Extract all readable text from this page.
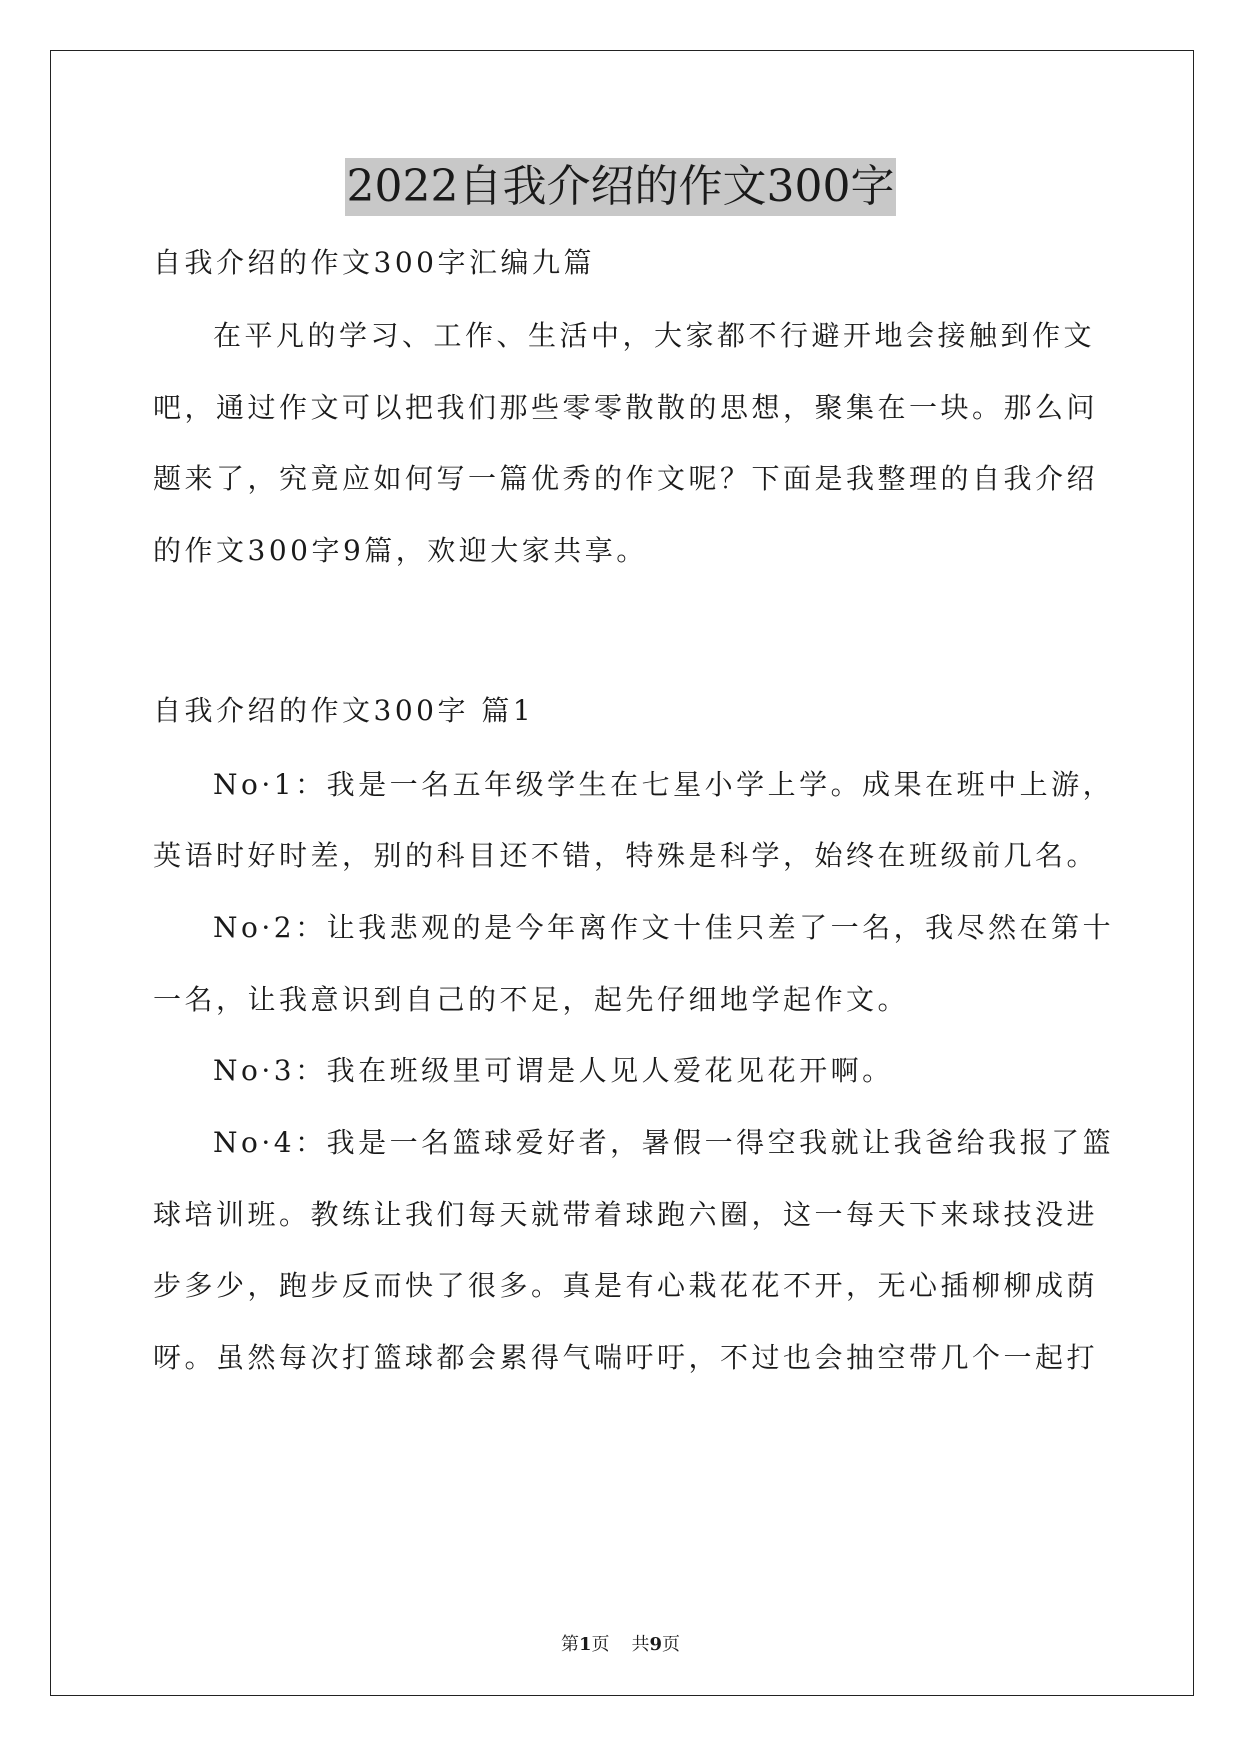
2022自我介绍的作文300字
自我介绍的作文300字汇编九篇
在平凡的学习、工作、生活中，大家都不行避开地会接触到作文
吧，通过作文可以把我们那些零零散散的思想，聚集在一块。那么问
题来了，究竟应如何写一篇优秀的作文呢？下面是我整理的自我介绍
的作文300字9篇，欢迎大家共享。
自我介绍的作文300字 篇1
No·1：我是一名五年级学生在七星小学上学。成果在班中上游，
英语时好时差，别的科目还不错，特殊是科学，始终在班级前几名。
No·2：让我悲观的是今年离作文十佳只差了一名，我尽然在第十
一名，让我意识到自己的不足，起先仔细地学起作文。
No·3：我在班级里可谓是人见人爱花见花开啊。
No·4：我是一名篮球爱好者，暑假一得空我就让我爸给我报了篮
球培训班。教练让我们每天就带着球跑六圈，这一每天下来球技没进
步多少，跑步反而快了很多。真是有心栽花花不开，无心插柳柳成荫
呀。虽然每次打篮球都会累得气喘吁吁，不过也会抽空带几个一起打
第1页 共9页
